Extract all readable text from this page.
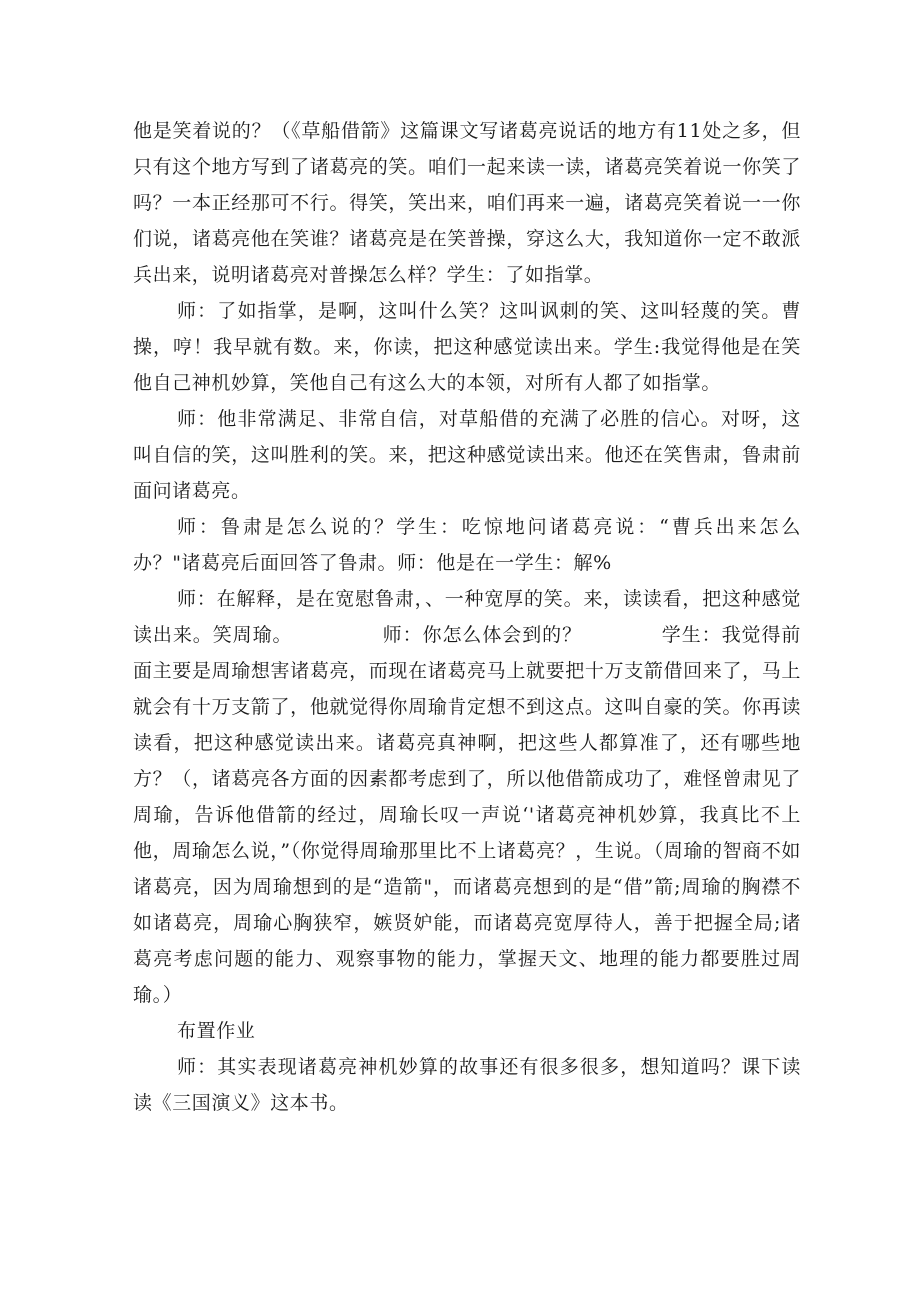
他是笑着说的？（《草船借箭》这篇课文写诸葛亮说话的地方有11处之多，但只有这个地方写到了诸葛亮的笑。咱们一起来读一读，诸葛亮笑着说一你笑了吗？一本正经那可不行。得笑，笑出来，咱们再来一遍，诸葛亮笑着说一一你们说，诸葛亮他在笑谁？诸葛亮是在笑普操，穿这么大，我知道你一定不敢派兵出来，说明诸葛亮对普操怎么样？学生：了如指掌。

师：了如指掌，是啊，这叫什么笑？这叫讽刺的笑、这叫轻蔑的笑。曹操，哼！我早就有数。来，你读，把这种感觉读出来。学生:我觉得他是在笑他自己神机妙算，笑他自己有这么大的本领，对所有人都了如指掌。

师：他非常满足、非常自信，对草船借的充满了必胜的信心。对呀，这叫自信的笑，这叫胜利的笑。来，把这种感觉读出来。他还在笑售肃，鲁肃前面问诸葛亮。

师：鲁肃是怎么说的？学生：吃惊地问诸葛亮说：“曹兵出来怎么办？"诸葛亮后面回答了鲁肃。师：他是在一学生：解%

师：在解释，是在宽慰鲁肃，、一种宽厚的笑。来，读读看，把这种感觉读出来。笑周瑜。　　　　　师：你怎么体会到的？　　　　学生：我觉得前面主要是周瑜想害诸葛亮，而现在诸葛亮马上就要把十万支箭借回来了，马上就会有十万支箭了，他就觉得你周瑜肯定想不到这点。这叫自豪的笑。你再读读看，把这种感觉读出来。诸葛亮真神啊，把这些人都算准了，还有哪些地方？（，诸葛亮各方面的因素都考虑到了，所以他借箭成功了，难怪曾肃见了周瑜，告诉他借箭的经过，周瑜长叹一声说‘'诸葛亮神机妙算，我真比不上他，周瑜怎么说，”（你觉得周瑜那里比不上诸葛亮？，生说。（周瑜的智商不如诸葛亮，因为周瑜想到的是“造箭"，而诸葛亮想到的是“借”箭;周瑜的胸襟不如诸葛亮，周瑜心胸狭窄，嫉贤妒能，而诸葛亮宽厚待人，善于把握全局;诸葛亮考虑问题的能力、观察事物的能力，掌握天文、地理的能力都要胜过周瑜。）

布置作业

师：其实表现诸葛亮神机妙算的故事还有很多很多，想知道吗？课下读读《三国演义》这本书。
